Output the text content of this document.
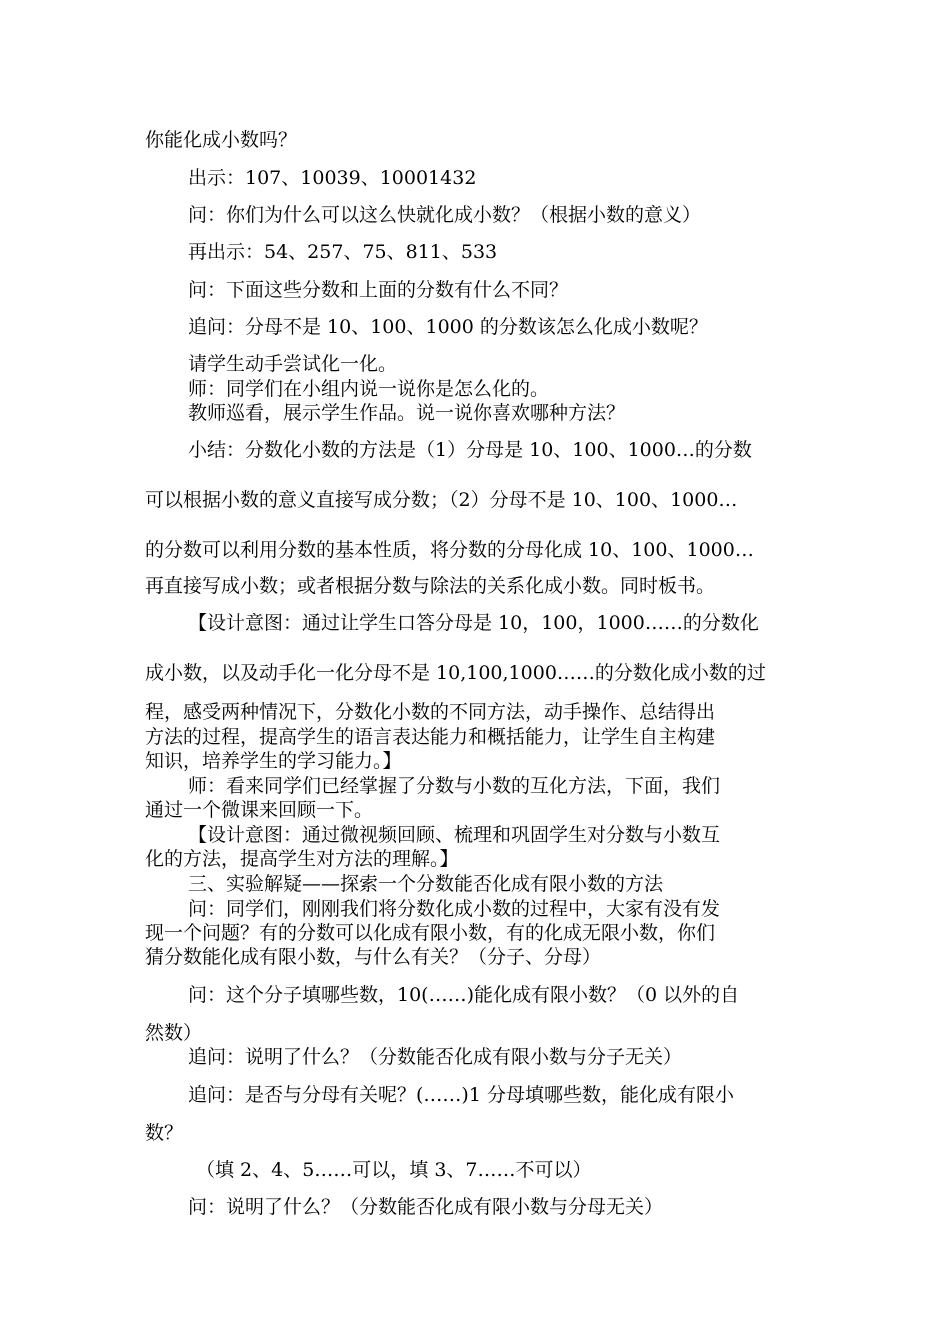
你能化成小数吗？
出示：107、10039、10001432
问：你们为什么可以这么快就化成小数？（根据小数的意义）
再出示：54、257、75、811、533
问：下面这些分数和上面的分数有什么不同？
追问：分母不是 10、100、1000 的分数该怎么化成小数呢？
请学生动手尝试化一化。
师：同学们在小组内说一说你是怎么化的。
教师巡看，展示学生作品。说一说你喜欢哪种方法？
小结：分数化小数的方法是（1）分母是 10、100、1000…的分数
可以根据小数的意义直接写成分数；（2）分母不是 10、100、1000…
的分数可以利用分数的基本性质，将分数的分母化成 10、100、1000…
再直接写成小数；或者根据分数与除法的关系化成小数。同时板书。
【设计意图：通过让学生口答分母是 10，100，1000……的分数化
成小数，以及动手化一化分母不是 10,100,1000……的分数化成小数的过
程，感受两种情况下，分数化小数的不同方法，动手操作、总结得出
方法的过程，提高学生的语言表达能力和概括能力，让学生自主构建
知识，培养学生的学习能力。】
师：看来同学们已经掌握了分数与小数的互化方法，下面，我们
通过一个微课来回顾一下。
【设计意图：通过微视频回顾、梳理和巩固学生对分数与小数互
化的方法，提高学生对方法的理解。】
三、实验解疑——探索一个分数能否化成有限小数的方法
问：同学们，刚刚我们将分数化成小数的过程中，大家有没有发
现一个问题？有的分数可以化成有限小数，有的化成无限小数，你们
猜分数能化成有限小数，与什么有关？（分子、分母）
问：这个分子填哪些数，10(……)能化成有限小数？（0 以外的自
然数）
追问：说明了什么？（分数能否化成有限小数与分子无关）
追问：是否与分母有关呢？(……)1 分母填哪些数，能化成有限小
数？
（填 2、4、5……可以，填 3、7……不可以）
问：说明了什么？（分数能否化成有限小数与分母无关）
